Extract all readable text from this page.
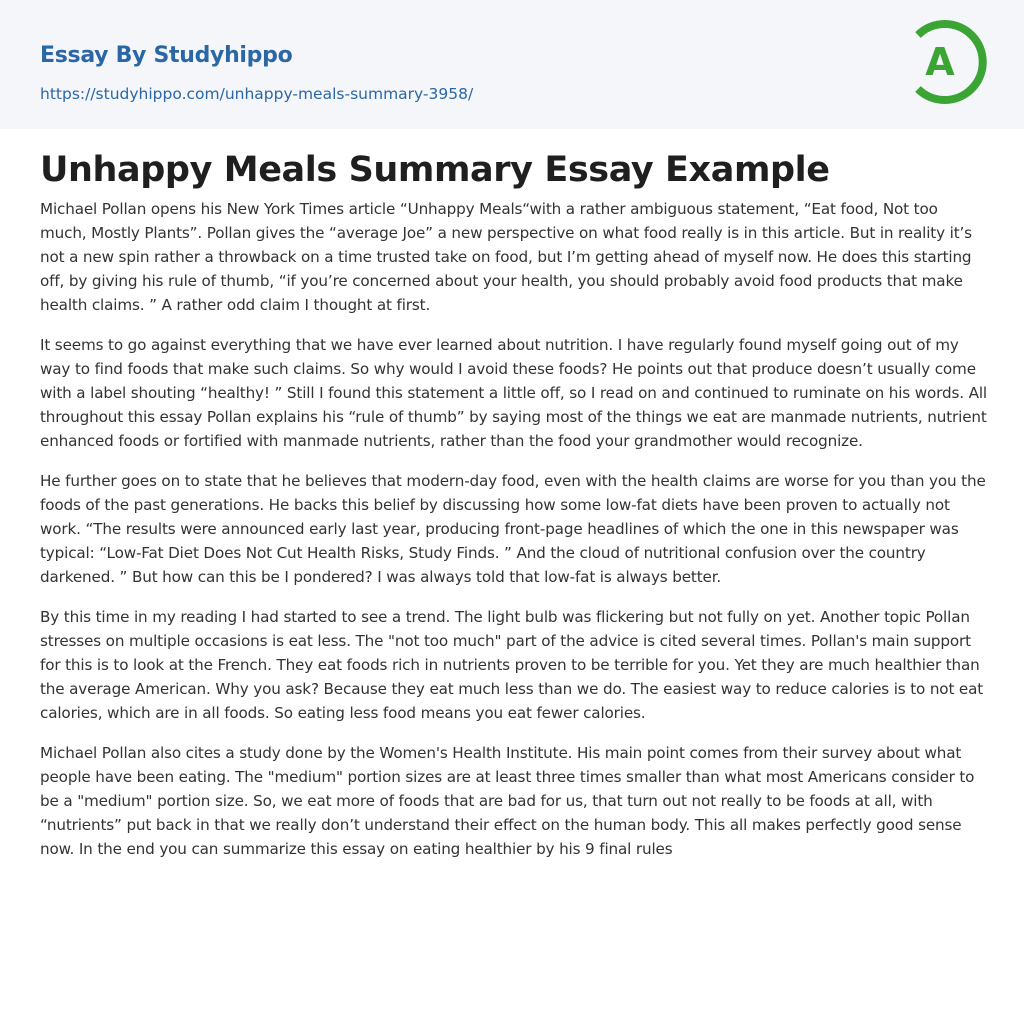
Essay By Studyhippo
https://studyhippo.com/unhappy-meals-summary-3958/
A
Unhappy Meals Summary Essay Example

Michael Pollan opens his New York Times article “Unhappy Meals“with a rather ambiguous statement, “Eat food, Not too much, Mostly Plants”. Pollan gives the “average Joe” a new perspective on what food really is in this article. But in reality it’s not a new spin rather a throwback on a time trusted take on food, but I’m getting ahead of myself now. He does this starting off, by giving his rule of thumb, “if you’re concerned about your health, you should probably avoid food products that make health claims. ” A rather odd claim I thought at first.

It seems to go against everything that we have ever learned about nutrition. I have regularly found myself going out of my way to find foods that make such claims. So why would I avoid these foods? He points out that produce doesn’t usually come with a label shouting “healthy! ” Still I found this statement a little off, so I read on and continued to ruminate on his words. All throughout this essay Pollan explains his “rule of thumb” by saying most of the things we eat are manmade nutrients, nutrient enhanced foods or fortified with manmade nutrients, rather than the food your grandmother would recognize.

He further goes on to state that he believes that modern-day food, even with the health claims are worse for you than you the foods of the past generations. He backs this belief by discussing how some low-fat diets have been proven to actually not work. “The results were announced early last year, producing front-page headlines of which the one in this newspaper was typical: “Low-Fat Diet Does Not Cut Health Risks, Study Finds. ” And the cloud of nutritional confusion over the country darkened. ” But how can this be I pondered? I was always told that low-fat is always better.

By this time in my reading I had started to see a trend. The light bulb was flickering but not fully on yet. Another topic Pollan stresses on multiple occasions is eat less. The "not too much" part of the advice is cited several times. Pollan's main support for this is to look at the French. They eat foods rich in nutrients proven to be terrible for you. Yet they are much healthier than the average American. Why you ask? Because they eat much less than we do. The easiest way to reduce calories is to not eat calories, which are in all foods. So eating less food means you eat fewer calories.

Michael Pollan also cites a study done by the Women's Health Institute. His main point comes from their survey about what people have been eating. The "medium" portion sizes are at least three times smaller than what most Americans consider to be a "medium" portion size. So, we eat more of foods that are bad for us, that turn out not really to be foods at all, with “nutrients” put back in that we really don’t understand their effect on the human body. This all makes perfectly good sense now. In the end you can summarize this essay on eating healthier by his 9 final rules
